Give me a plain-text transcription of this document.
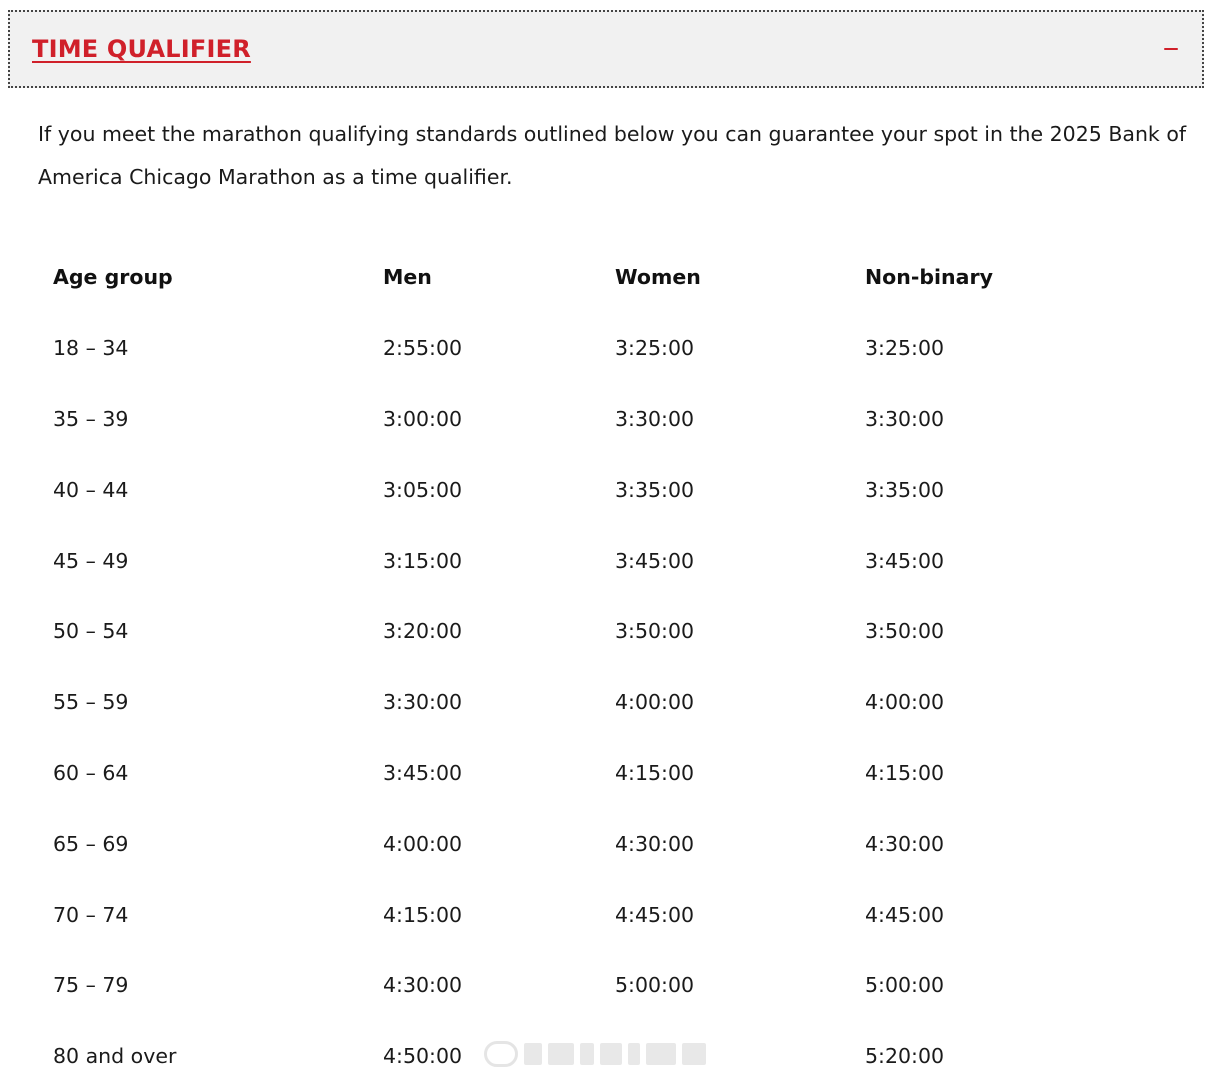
TIME QUALIFIER

If you meet the marathon qualifying standards outlined below you can guarantee your spot in the 2025 Bank of America Chicago Marathon as a time qualifier.

Age group	Men	Women	Non-binary
18 – 34	2:55:00	3:25:00	3:25:00
35 – 39	3:00:00	3:30:00	3:30:00
40 – 44	3:05:00	3:35:00	3:35:00
45 – 49	3:15:00	3:45:00	3:45:00
50 – 54	3:20:00	3:50:00	3:50:00
55 – 59	3:30:00	4:00:00	4:00:00
60 – 64	3:45:00	4:15:00	4:15:00
65 – 69	4:00:00	4:30:00	4:30:00
70 – 74	4:15:00	4:45:00	4:45:00
75 – 79	4:30:00	5:00:00	5:00:00
80 and over	4:50:00		5:20:00
